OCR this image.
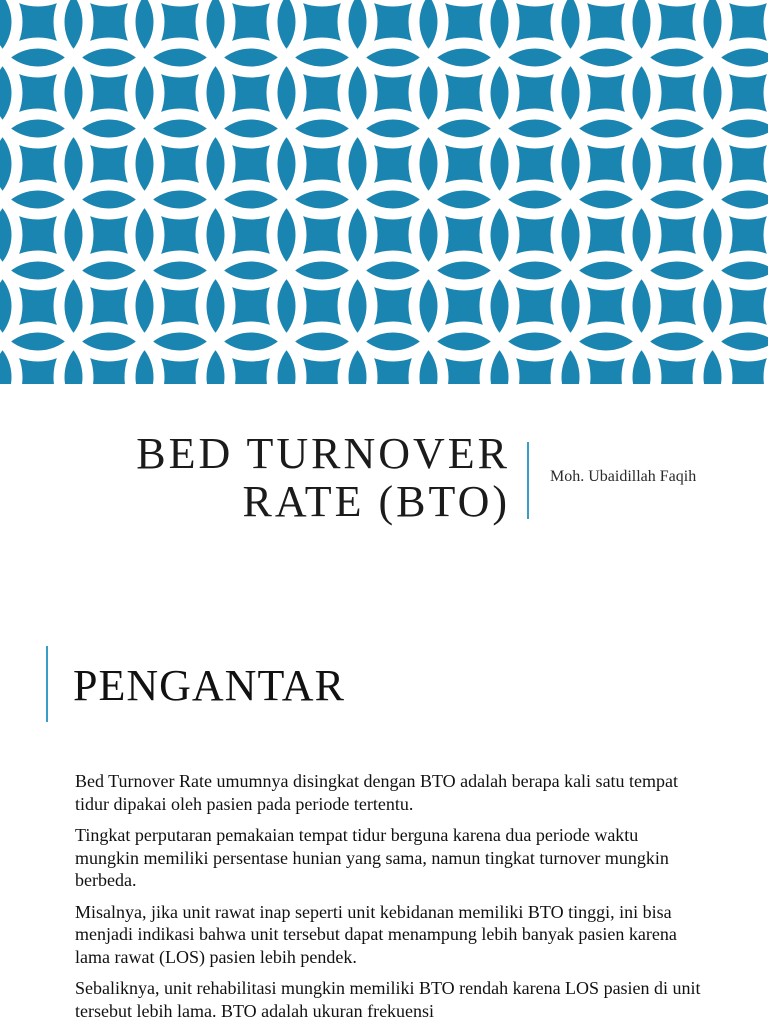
BED TURNOVER
RATE (BTO)
Moh. Ubaidillah Faqih
PENGANTAR

Bed Turnover Rate umumnya disingkat dengan BTO adalah berapa kali satu tempat tidur dipakai oleh pasien pada periode tertentu.

Tingkat perputaran pemakaian tempat tidur berguna karena dua periode waktu mungkin memiliki persentase hunian yang sama, namun tingkat turnover mungkin berbeda.

Misalnya, jika unit rawat inap seperti unit kebidanan memiliki BTO tinggi, ini bisa menjadi indikasi bahwa unit tersebut dapat menampung lebih banyak pasien karena lama rawat (LOS) pasien lebih pendek.

Sebaliknya, unit rehabilitasi mungkin memiliki BTO rendah karena LOS pasien di unit tersebut lebih lama. BTO adalah ukuran frekuensi
